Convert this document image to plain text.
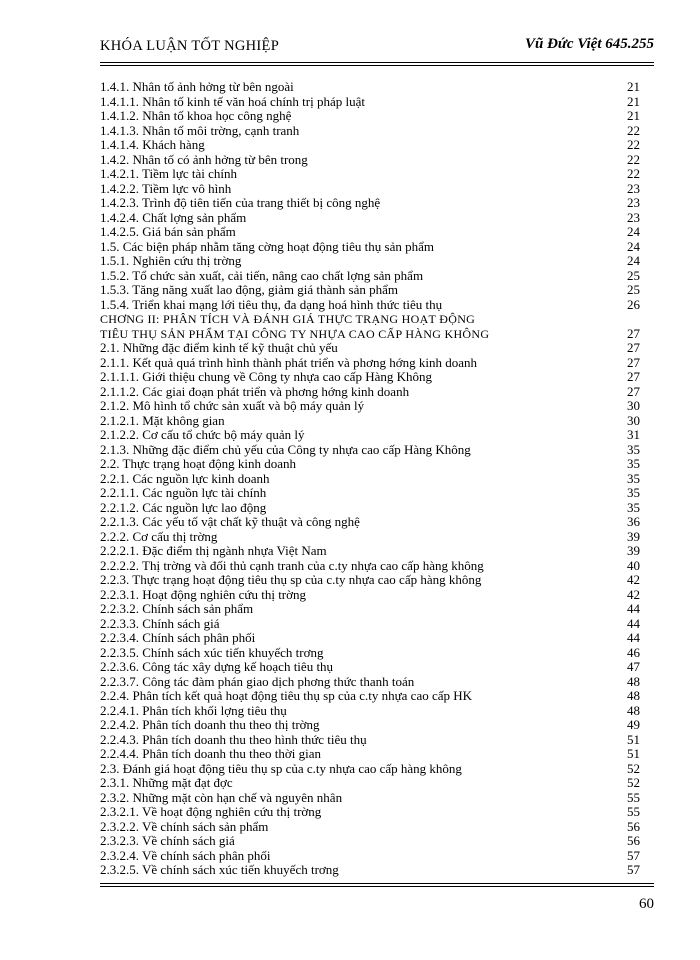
KHÓA LUẬN TỐT NGHIỆP	Vũ Đức Việt 645.255
1.4.1. Nhân tố ảnh hởng từ bên ngoài	21
1.4.1.1. Nhân tố kinh tế văn hoá chính trị pháp luật	21
1.4.1.2. Nhân tố khoa học công nghệ	21
1.4.1.3. Nhân tố môi trờng, cạnh tranh	22
1.4.1.4. Khách hàng	22
1.4.2. Nhân tố có ảnh hởng từ bên trong	22
1.4.2.1. Tiềm lực tài chính	22
1.4.2.2. Tiềm lực vô hình	23
1.4.2.3. Trình độ tiên tiến của trang thiết bị công nghệ	23
1.4.2.4. Chất lợng sản phẩm	23
1.4.2.5. Giá bán sản phẩm	24
1.5. Các biện pháp nhằm tăng cờng hoạt động tiêu thụ sản phẩm	24
1.5.1. Nghiên cứu thị trờng	24
1.5.2. Tổ chức sản xuất, cải tiến, nâng cao chất lợng sản phẩm	25
1.5.3. Tăng năng xuất lao động, giảm giá thành sản phẩm	25
1.5.4. Triển khai mạng lới tiêu thụ, đa dạng hoá hình thức tiêu thụ	26
CHƠNG II: PHÂN TÍCH VÀ ĐÁNH GIÁ THỰC TRẠNG HOẠT ĐỘNG
TIÊU THỤ SẢN PHẨM TẠI CÔNG TY NHỰA CAO CẤP HÀNG KHÔNG	27
2.1. Những đặc điểm kinh tế kỹ thuật chủ yếu	27
2.1.1. Kết quả quá trình hình thành phát triển và phơng hớng kinh doanh	27
2.1.1.1. Giới thiệu chung về Công ty nhựa cao cấp Hàng Không	27
2.1.1.2. Các giai đoạn phát triển và phơng hớng kinh doanh	27
2.1.2. Mô hình tổ chức sản xuất và bộ máy quản lý	30
2.1.2.1. Mặt không gian	30
2.1.2.2. Cơ cấu tổ chức bộ máy quản lý	31
2.1.3. Những đặc điểm chủ yếu của Công ty nhựa cao cấp Hàng Không	35
2.2. Thực trạng hoạt động kinh doanh	35
2.2.1. Các nguồn lực kinh doanh	35
2.2.1.1. Các nguồn lực tài chính	35
2.2.1.2. Các nguồn lực lao động	35
2.2.1.3. Các yếu tố vật chất kỹ thuật và công nghệ	36
2.2.2. Cơ cấu thị trờng	39
2.2.2.1. Đặc điểm thị ngành nhựa Việt Nam	39
2.2.2.2. Thị trờng và đối thủ cạnh tranh của c.ty nhựa cao cấp hàng không	40
2.2.3. Thực trạng hoạt động tiêu thụ sp của c.ty nhựa cao cấp hàng không	42
2.2.3.1. Hoạt động nghiên cứu thị trờng	42
2.2.3.2. Chính sách sản phẩm	44
2.2.3.3. Chính sách giá	44
2.2.3.4. Chính sách phân phối	44
2.2.3.5. Chính sách xúc tiến khuyếch trơng	46
2.2.3.6. Công tác xây dựng kế hoạch tiêu thụ	47
2.2.3.7. Công tác đàm phán giao dịch phơng thức thanh toán	48
2.2.4. Phân tích kết quả hoạt động tiêu thụ sp của c.ty nhựa cao cấp HK	48
2.2.4.1. Phân tích khối lợng tiêu thụ	48
2.2.4.2. Phân tích doanh thu theo thị trờng	49
2.2.4.3. Phân tích doanh thu theo hình thức tiêu thụ	51
2.2.4.4. Phân tích doanh thu theo thời gian	51
2.3. Đánh giá hoạt động tiêu thụ sp của c.ty nhựa cao cấp hàng không	52
2.3.1. Những mặt đạt đợc	52
2.3.2. Những mặt còn hạn chế và nguyên nhân	55
2.3.2.1. Về hoạt động nghiên cứu thị trờng	55
2.3.2.2. Về chính sách sản phẩm	56
2.3.2.3. Về chính sách giá	56
2.3.2.4. Về chính sách phân phối	57
2.3.2.5. Về chính sách xúc tiến khuyếch trơng	57
60
